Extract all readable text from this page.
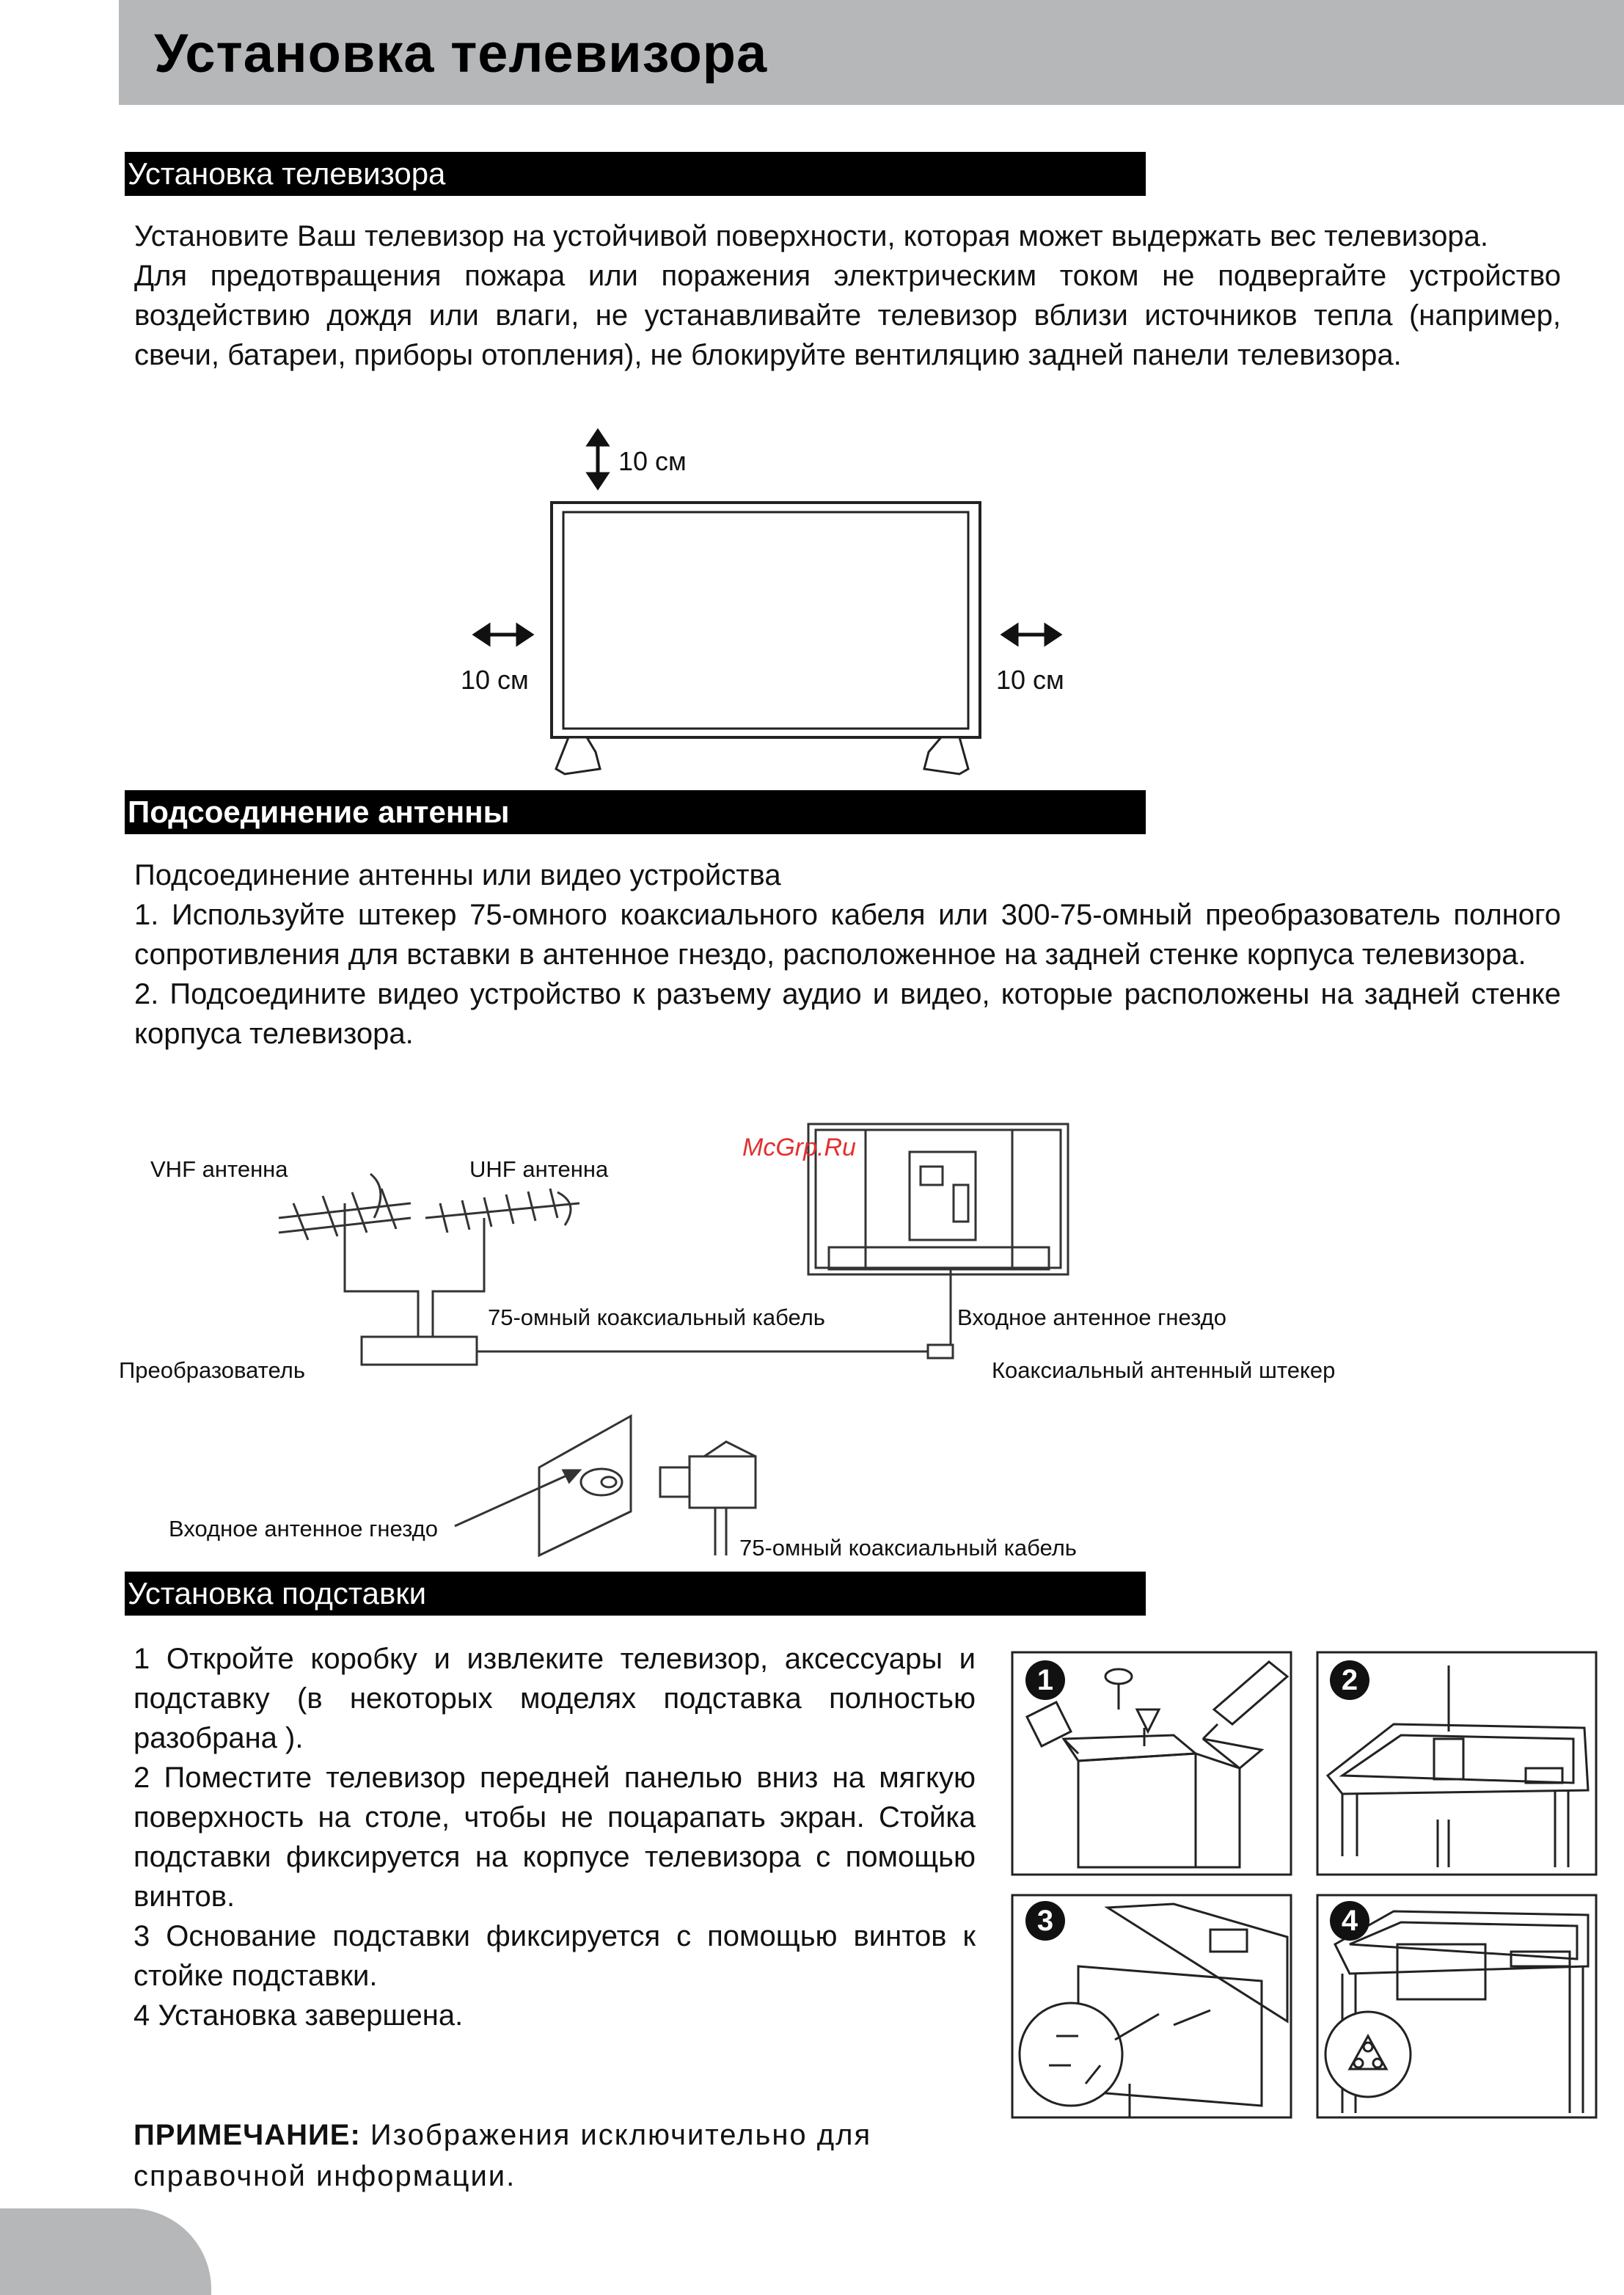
Установка телевизора
Установка телевизора

Установите Ваш телевизор на устойчивой поверхности, которая может выдержать вес телевизора.

Для предотвращения пожара или поражения электрическим током не подвергайте устройство воздействию дождя или влаги, не устанавливайте телевизор вблизи источников тепла (например, свечи, батареи, приборы отопления), не блокируйте вентиляцию задней панели телевизора.

10 см
10 см	10 см
Подсоединение антенны

Подсоединение антенны или видео устройства

1. Используйте штекер 75-омного коаксиального кабеля или 300-75-омный преобразователь полного сопротивления для вставки в антенное гнездо, расположенное на задней стенке корпуса телевизора.

2. Подсоедините видео устройство к разъему аудио и видео, которые расположены на задней стенке корпуса телевизора.

VHF антенна	UHF антенна
75-омный коаксиальный кабель	Входное антенное гнездо
Преобразователь	Коаксиальный антенный штекер
Входное антенное гнездо
75-омный коаксиальный кабель
McGrp.Ru
Установка подставки

1 Откройте коробку и извлеките телевизор, аксессуары и подставку (в некоторых моделях подставка полностью разобрана ).

2 Поместите телевизор передней панелью вниз на мягкую поверхность на столе, чтобы не поцарапать экран. Стойка подставки фиксируется на корпусе телевизора с помощью винтов.

3 Основание подставки фиксируется с помощью винтов к стойке подставки.

4 Установка завершена.

1	2
3	4
ПРИМЕЧАНИЕ: Изображения исключительно для справочной информации.
